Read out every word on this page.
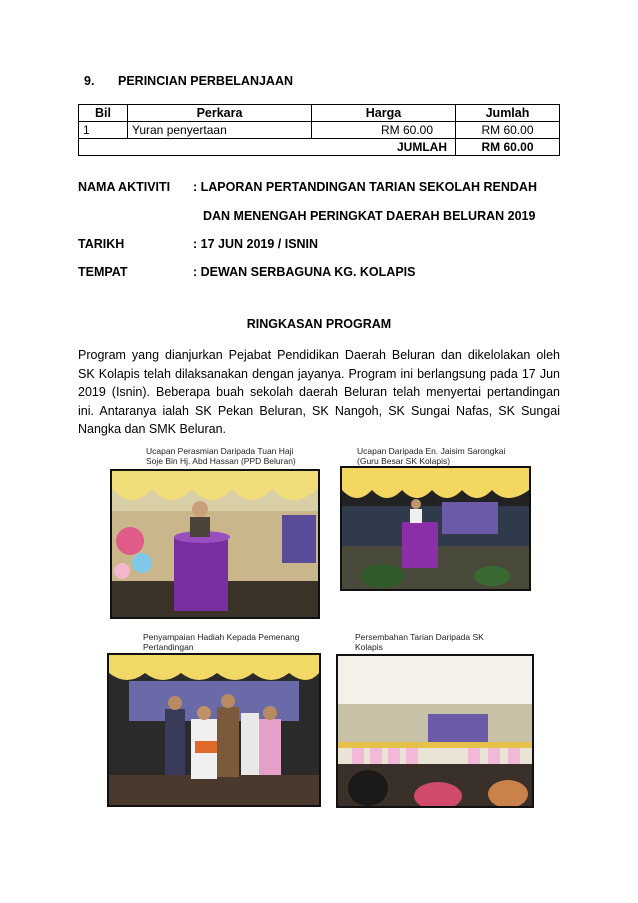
9. PERINCIAN PERBELANJAAN
Bil	Perkara	Harga	Jumlah
1	Yuran penyertaan	RM 60.00	RM 60.00
JUMLAH			RM 60.00
NAMA AKTIVITI : LAPORAN PERTANDINGAN TARIAN SEKOLAH RENDAH
DAN MENENGAH PERINGKAT DAERAH BELURAN 2019
TARIKH	: 17 JUN 2019 / ISNIN
TEMPAT	: DEWAN SERBAGUNA KG. KOLAPIS
RINGKASAN PROGRAM
Program yang dianjurkan Pejabat Pendidikan Daerah Beluran dan dikelolakan oleh
SK Kolapis telah dilaksanakan dengan jayanya. Program ini berlangsung pada 17 Jun
2019 (Isnin). Beberapa buah sekolah daerah Beluran telah menyertai pertandingan
ini. Antaranya ialah SK Pekan Beluran, SK Nangoh, SK Sungai Nafas, SK Sungai
Nangka dan SMK Beluran.
Ucapan Perasmian Daripada Tuan Haji
Soje Bin Hj. Abd Hassan (PPD Beluran)
Ucapan Daripada En. Jaisim Sarongkai
(Guru Besar SK Kolapis)
Penyampaian Hadiah Kepada Pemenang
Pertandingan
Persembahan Tarian Daripada SK
Kolapis
